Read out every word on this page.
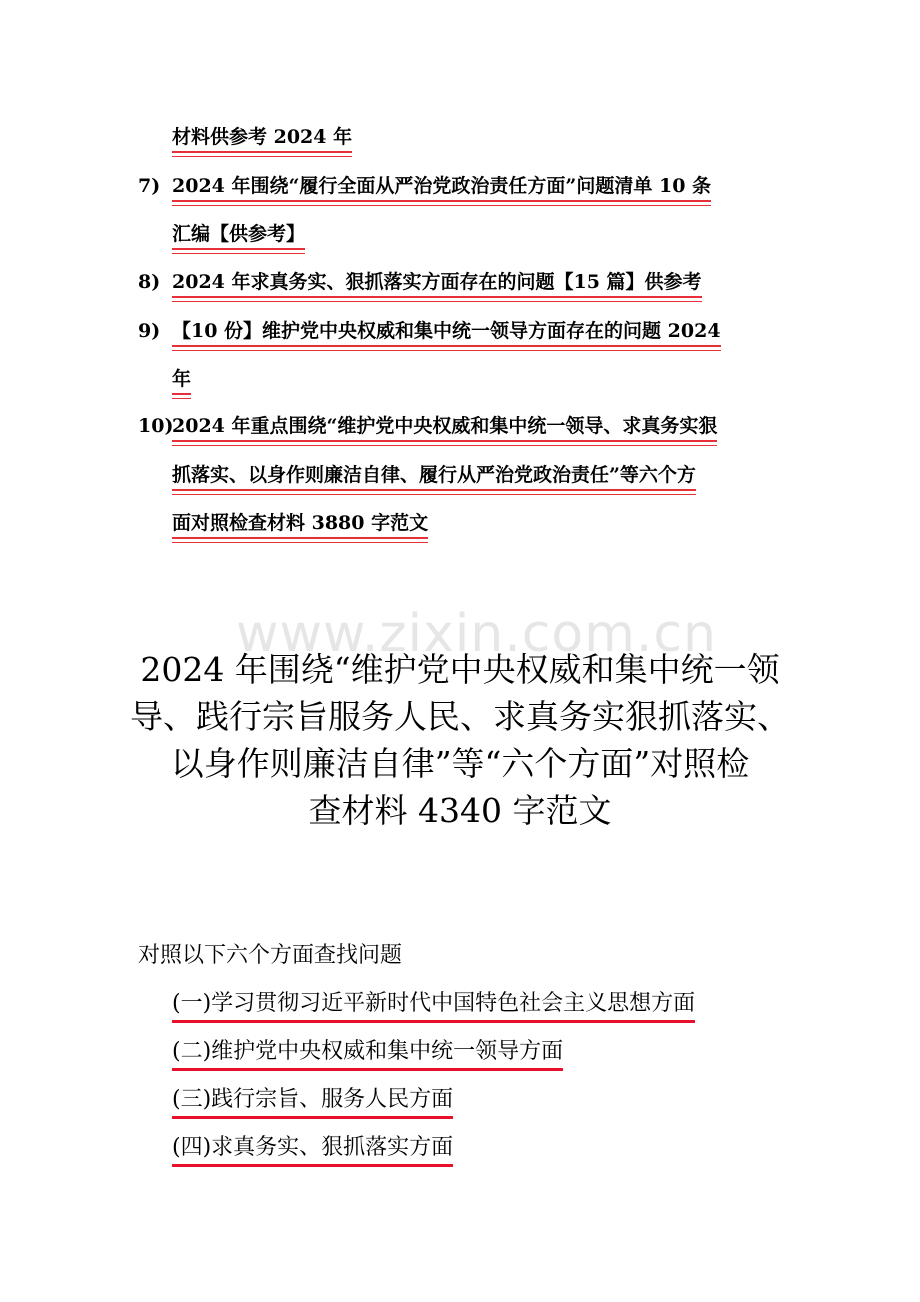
材料供参考 2024 年
7) 2024 年围绕“履行全面从严治党政治责任方面”问题清单 10 条
汇编【供参考】
8) 2024 年求真务实、狠抓落实方面存在的问题【15 篇】供参考
9) 【10 份】维护党中央权威和集中统一领导方面存在的问题 2024
年
10)
2024 年重点围绕“维护党中央权威和集中统一领导、求真务实狠
抓落实、以身作则廉洁自律、履行从严治党政治责任”等六个方
面对照检查材料 3880 字范文
www.zixin.com.cn
2024 年围绕“维护党中央权威和集中统一领
导、践行宗旨服务人民、求真务实狠抓落实、
以身作则廉洁自律”等“六个方面”对照检
查材料 4340 字范文
对照以下六个方面查找问题
(一)学习贯彻习近平新时代中国特色社会主义思想方面
(二)维护党中央权威和集中统一领导方面
(三)践行宗旨、服务人民方面
(四)求真务实、狠抓落实方面
